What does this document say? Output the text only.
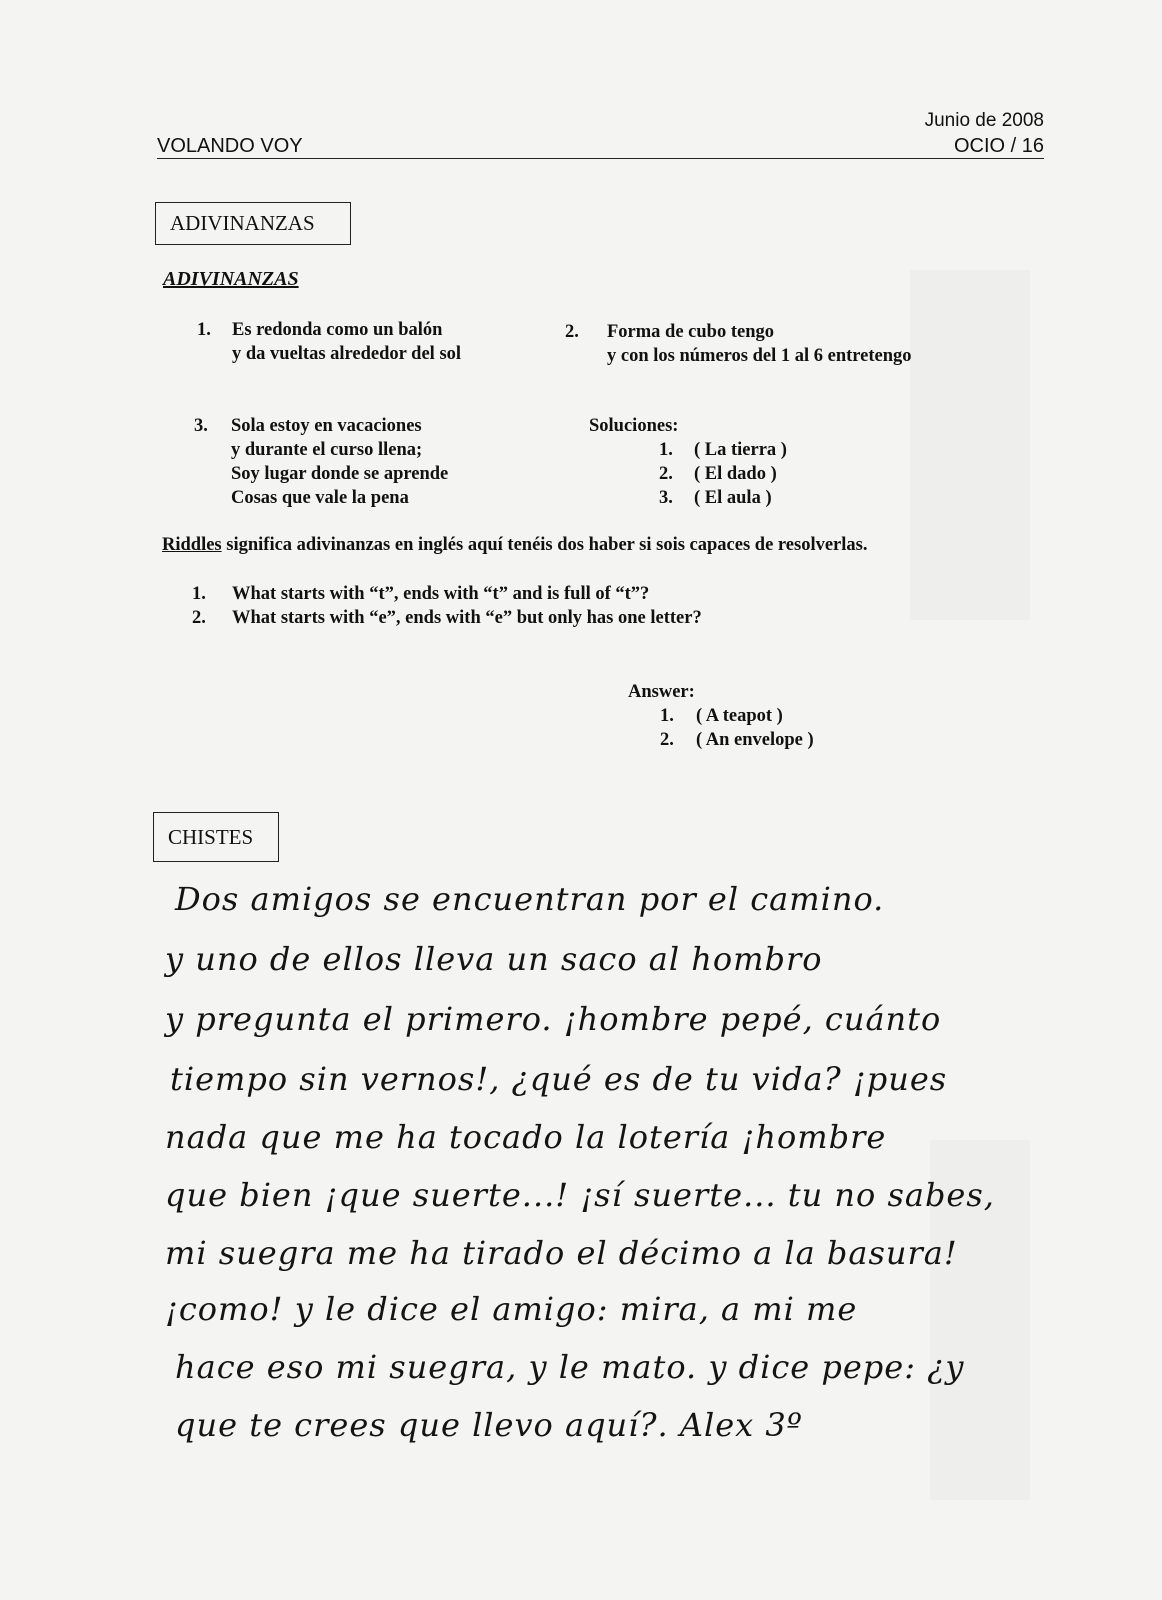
Junio de 2008
VOLANDO VOY	OCIO / 16
ADIVINANZAS
ADIVINANZAS
1.	Es redonda como un balón
y da vueltas alrededor del sol
2.	Forma de cubo tengo
y con los números del 1 al 6 entretengo
3.	Sola estoy en vacaciones
y durante el curso llena;
Soy lugar donde se aprende
Cosas que vale la pena
Soluciones:
1. ( La tierra )
2. ( El dado )
3. ( El aula )
Riddles significa adivinanzas en inglés aquí tenéis dos haber si sois capaces de resolverlas.
1. What starts with “t”, ends with “t” and is full of “t”?
2. What starts with “e”, ends with “e” but only has one letter?
Answer:
1. ( A teapot )
2. ( An envelope )
CHISTES
Dos amigos se encuentran por el camino.
y uno de ellos lleva un saco al hombro
y pregunta el primero. ¡hombre pepé, cuánto
tiempo sin vernos!, ¿qué es de tu vida? ¡pues
nada que me ha tocado la lotería ¡hombre
que bien ¡que suerte...! ¡sí suerte... tu no sabes,
mi suegra me ha tirado el décimo a la basura!
¡como! y le dice el amigo: mira, a mi me
hace eso mi suegra, y le mato. y dice pepe: ¿y
que te crees que llevo aquí?. Alex 3º
